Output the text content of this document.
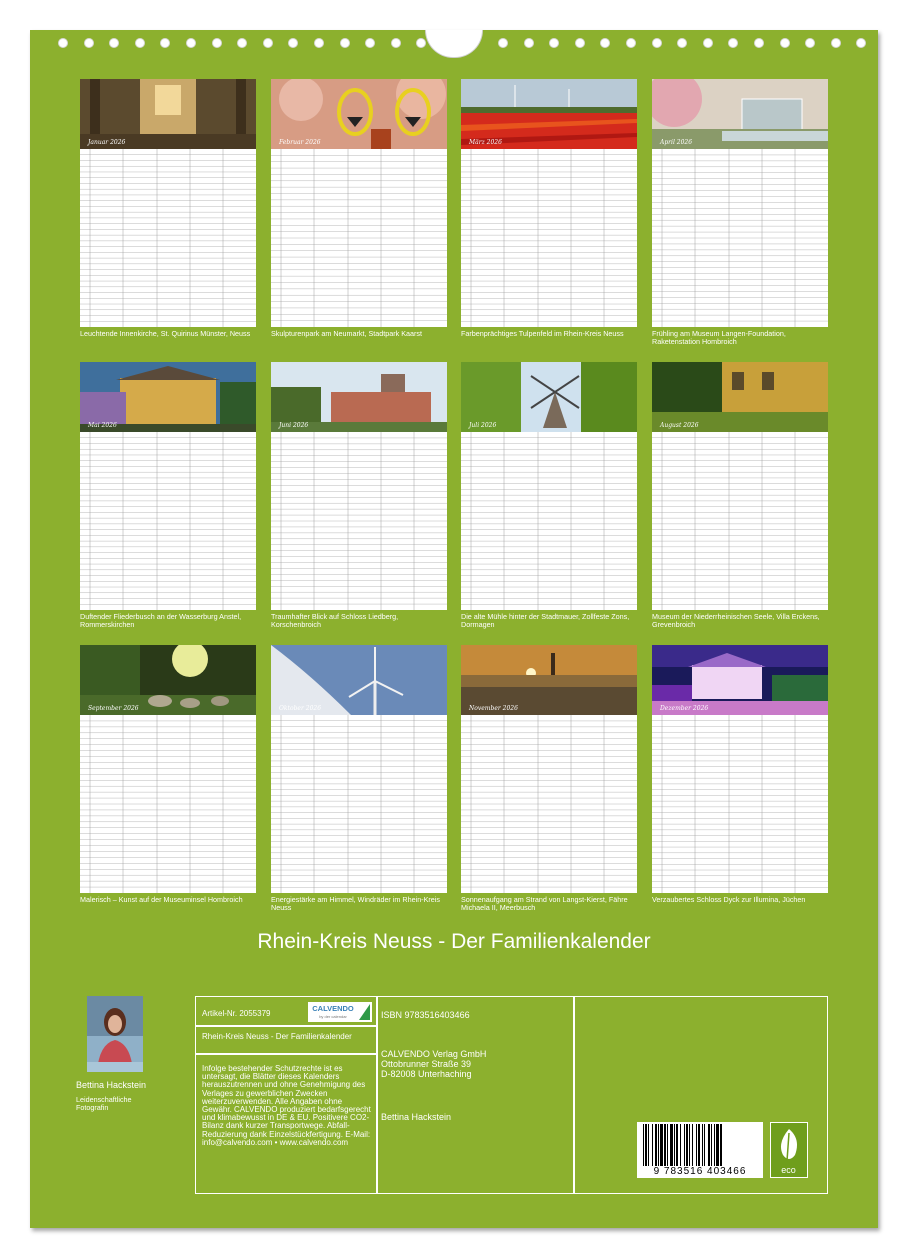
Januar 2026
Leuchtende Innenkirche, St. Quirinus Münster, Neuss
Februar 2026
Skulpturenpark am Neumarkt, Stadtpark Kaarst
März 2026
Farbenprächtiges Tulpenfeld im Rhein-Kreis Neuss
April 2026
Frühling am Museum Langen-Foundation, Raketenstation Hombroich
Mai 2026
Duftender Fliederbusch an der Wasserburg Anstel, Rommerskirchen
Juni 2026
Traumhafter Blick auf Schloss Liedberg, Korschenbroich
Juli 2026
Die alte Mühle hinter der Stadtmauer, Zollfeste Zons, Dormagen
August 2026
Museum der Niederrheinischen Seele, Villa Erckens, Grevenbroich
September 2026
Malerisch – Kunst auf der Museuminsel Hombroich
Oktober 2026
Energiestärke am Himmel, Windräder im Rhein-Kreis Neuss
November 2026
Sonnenaufgang am Strand von Langst-Kierst, Fähre Michaela II, Meerbusch
Dezember 2026
Verzaubertes Schloss Dyck zur Illumina, Jüchen
Rhein-Kreis Neuss - Der Familienkalender
Bettina Hackstein
Leidenschaftliche Fotografin
Artikel-Nr. 2055379
CALVENDO
by der calendar
Rhein-Kreis Neuss - Der Familienkalender
Infolge bestehender Schutzrechte ist es untersagt, die Blätter dieses Kalenders herauszutrennen und ohne Genehmigung des Verlages zu gewerblichen Zwecken weiterzuverwenden. Alle Angaben ohne Gewähr. CALVENDO produziert bedarfsgerecht und klimabewusst in DE & EU. Positivere CO2-Bilanz dank kurzer Transportwege. Abfall-Reduzierung dank Einzelstückfertigung. E-Mail: info@calvendo.com • www.calvendo.com
ISBN 9783516403466
CALVENDO Verlag GmbH
Ottobrunner Straße 39
D-82008 Unterhaching
Bettina Hackstein
9 783516 403466	eco
